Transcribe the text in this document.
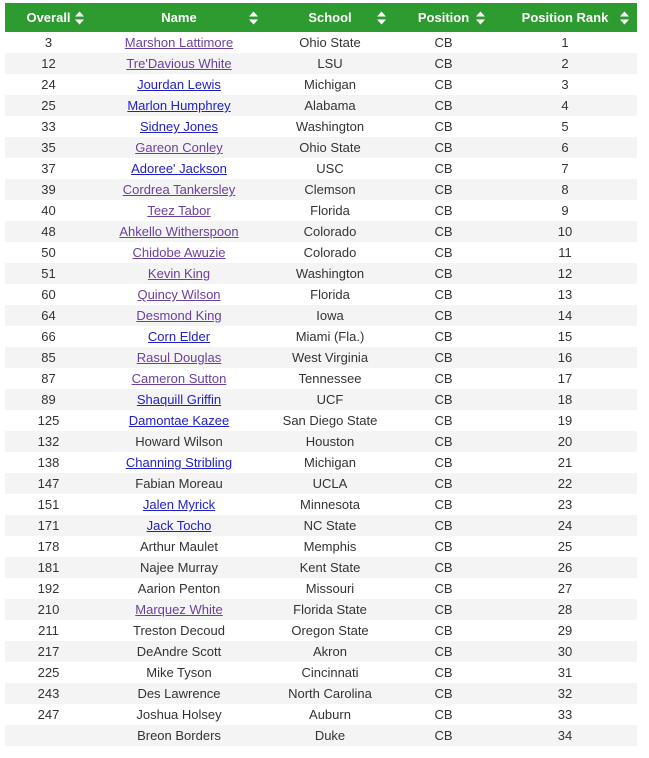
Overall	Name	School	Position	Position Rank

3	Marshon Lattimore	Ohio State	CB	1
12	Tre'Davious White	LSU	CB	2
24	Jourdan Lewis	Michigan	CB	3
25	Marlon Humphrey	Alabama	CB	4
33	Sidney Jones	Washington	CB	5
35	Gareon Conley	Ohio State	CB	6
37	Adoree' Jackson	USC	CB	7
39	Cordrea Tankersley	Clemson	CB	8
40	Teez Tabor	Florida	CB	9
48	Ahkello Witherspoon	Colorado	CB	10
50	Chidobe Awuzie	Colorado	CB	11
51	Kevin King	Washington	CB	12
60	Quincy Wilson	Florida	CB	13
64	Desmond King	Iowa	CB	14
66	Corn Elder	Miami (Fla.)	CB	15
85	Rasul Douglas	West Virginia	CB	16
87	Cameron Sutton	Tennessee	CB	17
89	Shaquill Griffin	UCF	CB	18
125	Damontae Kazee	San Diego State	CB	19
132	Howard Wilson	Houston	CB	20
138	Channing Stribling	Michigan	CB	21
147	Fabian Moreau	UCLA	CB	22
151	Jalen Myrick	Minnesota	CB	23
171	Jack Tocho	NC State	CB	24
178	Arthur Maulet	Memphis	CB	25
181	Najee Murray	Kent State	CB	26
192	Aarion Penton	Missouri	CB	27
210	Marquez White	Florida State	CB	28
211	Treston Decoud	Oregon State	CB	29
217	DeAndre Scott	Akron	CB	30
225	Mike Tyson	Cincinnati	CB	31
243	Des Lawrence	North Carolina	CB	32
247	Joshua Holsey	Auburn	CB	33
	Breon Borders	Duke	CB	34
